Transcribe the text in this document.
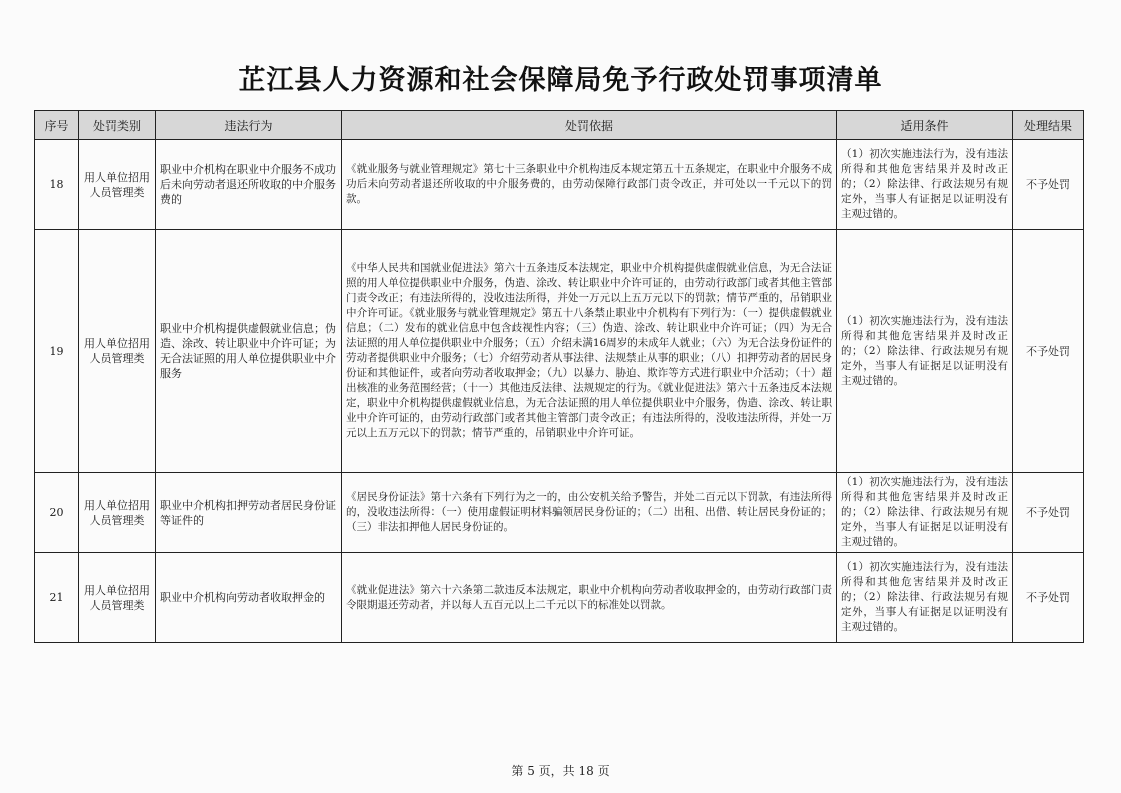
芷江县人力资源和社会保障局免予行政处罚事项清单
序号	处罚类别	违法行为	处罚依据	适用条件	处理结果
18	用人单位招用人员管理类	职业中介机构在职业中介服务不成功后未向劳动者退还所收取的中介服务费的	《就业服务与就业管理规定》第七十三条职业中介机构违反本规定第五十五条规定，在职业中介服务不成功后未向劳动者退还所收取的中介服务费的，由劳动保障行政部门责令改正，并可处以一千元以下的罚款。	（1）初次实施违法行为，没有违法所得和其他危害结果并及时改正的；（2）除法律、行政法规另有规定外，当事人有证据足以证明没有主观过错的。	不予处罚
19	用人单位招用人员管理类	职业中介机构提供虚假就业信息；伪造、涂改、转让职业中介许可证；为无合法证照的用人单位提供职业中介服务	《中华人民共和国就业促进法》第六十五条违反本法规定，职业中介机构提供虚假就业信息，为无合法证照的用人单位提供职业中介服务，伪造、涂改、转让职业中介许可证的，由劳动行政部门或者其他主管部门责令改正；有违法所得的，没收违法所得，并处一万元以上五万元以下的罚款；情节严重的，吊销职业中介许可证。《就业服务与就业管理规定》第五十八条禁止职业中介机构有下列行为：（一）提供虚假就业信息；（二）发布的就业信息中包含歧视性内容；（三）伪造、涂改、转让职业中介许可证；（四）为无合法证照的用人单位提供职业中介服务；（五）介绍未满16周岁的未成年人就业；（六）为无合法身份证件的劳动者提供职业中介服务；（七）介绍劳动者从事法律、法规禁止从事的职业；（八）扣押劳动者的居民身份证和其他证件，或者向劳动者收取押金；（九）以暴力、胁迫、欺诈等方式进行职业中介活动；（十）超出核准的业务范围经营；（十一）其他违反法律、法规规定的行为。《就业促进法》第六十五条违反本法规定，职业中介机构提供虚假就业信息，为无合法证照的用人单位提供职业中介服务，伪造、涂改、转让职业中介许可证的，由劳动行政部门或者其他主管部门责令改正；有违法所得的，没收违法所得，并处一万元以上五万元以下的罚款；情节严重的，吊销职业中介许可证。	（1）初次实施违法行为，没有违法所得和其他危害结果并及时改正的；（2）除法律、行政法规另有规定外，当事人有证据足以证明没有主观过错的。	不予处罚
20	用人单位招用人员管理类	职业中介机构扣押劳动者居民身份证等证件的	《居民身份证法》第十六条有下列行为之一的，由公安机关给予警告，并处二百元以下罚款，有违法所得的，没收违法所得：（一）使用虚假证明材料骗领居民身份证的；（二）出租、出借、转让居民身份证的；（三）非法扣押他人居民身份证的。	（1）初次实施违法行为，没有违法所得和其他危害结果并及时改正的；（2）除法律、行政法规另有规定外，当事人有证据足以证明没有主观过错的。	不予处罚
21	用人单位招用人员管理类	职业中介机构向劳动者收取押金的	《就业促进法》第六十六条第二款违反本法规定，职业中介机构向劳动者收取押金的，由劳动行政部门责令限期退还劳动者，并以每人五百元以上二千元以下的标准处以罚款。	（1）初次实施违法行为，没有违法所得和其他危害结果并及时改正的；（2）除法律、行政法规另有规定外，当事人有证据足以证明没有主观过错的。	不予处罚
第 5 页，共 18 页
